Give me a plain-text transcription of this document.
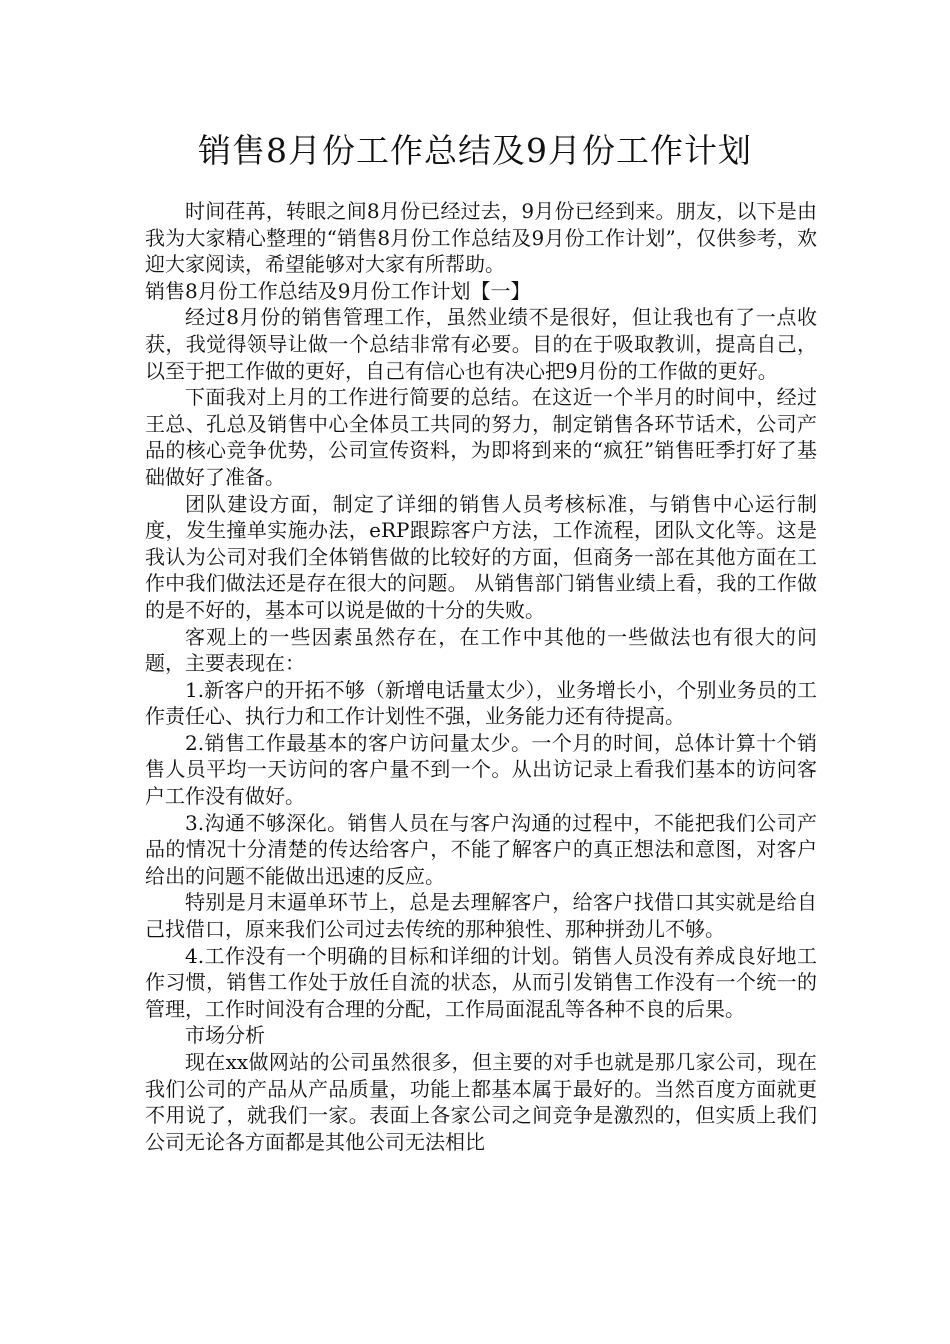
销售8月份工作总结及9月份工作计划

时间荏苒，转眼之间8月份已经过去，9月份已经到来。朋友，以下是由我为大家精心整理的“销售8月份工作总结及9月份工作计划”，仅供参考，欢迎大家阅读，希望能够对大家有所帮助。

销售8月份工作总结及9月份工作计划【一】

经过8月份的销售管理工作，虽然业绩不是很好，但让我也有了一点收获，我觉得领导让做一个总结非常有必要。目的在于吸取教训，提高自己，以至于把工作做的更好，自己有信心也有决心把9月份的工作做的更好。

下面我对上月的工作进行简要的总结。在这近一个半月的时间中，经过王总、孔总及销售中心全体员工共同的努力，制定销售各环节话术，公司产品的核心竞争优势，公司宣传资料，为即将到来的“疯狂”销售旺季打好了基础做好了准备。

团队建设方面，制定了详细的销售人员考核标准，与销售中心运行制度，发生撞单实施办法，eRP跟踪客户方法，工作流程，团队文化等。这是我认为公司对我们全体销售做的比较好的方面，但商务一部在其他方面在工作中我们做法还是存在很大的问题。 从销售部门销售业绩上看，我的工作做的是不好的，基本可以说是做的十分的失败。

客观上的一些因素虽然存在，在工作中其他的一些做法也有很大的问题，主要表现在：

1.新客户的开拓不够（新增电话量太少），业务增长小，个别业务员的工作责任心、执行力和工作计划性不强，业务能力还有待提高。

2.销售工作最基本的客户访问量太少。一个月的时间，总体计算十个销售人员平均一天访问的客户量不到一个。从出访记录上看我们基本的访问客户工作没有做好。

3.沟通不够深化。销售人员在与客户沟通的过程中，不能把我们公司产品的情况十分清楚的传达给客户，不能了解客户的真正想法和意图，对客户给出的问题不能做出迅速的反应。

特别是月末逼单环节上，总是去理解客户，给客户找借口其实就是给自己找借口，原来我们公司过去传统的那种狼性、那种拼劲儿不够。

4.工作没有一个明确的目标和详细的计划。销售人员没有养成良好地工作习惯，销售工作处于放任自流的状态，从而引发销售工作没有一个统一的管理，工作时间没有合理的分配，工作局面混乱等各种不良的后果。

市场分析

现在xx做网站的公司虽然很多，但主要的对手也就是那几家公司，现在我们公司的产品从产品质量，功能上都基本属于最好的。当然百度方面就更不用说了，就我们一家。表面上各家公司之间竞争是激烈的，但实质上我们公司无论各方面都是其他公司无法相比
